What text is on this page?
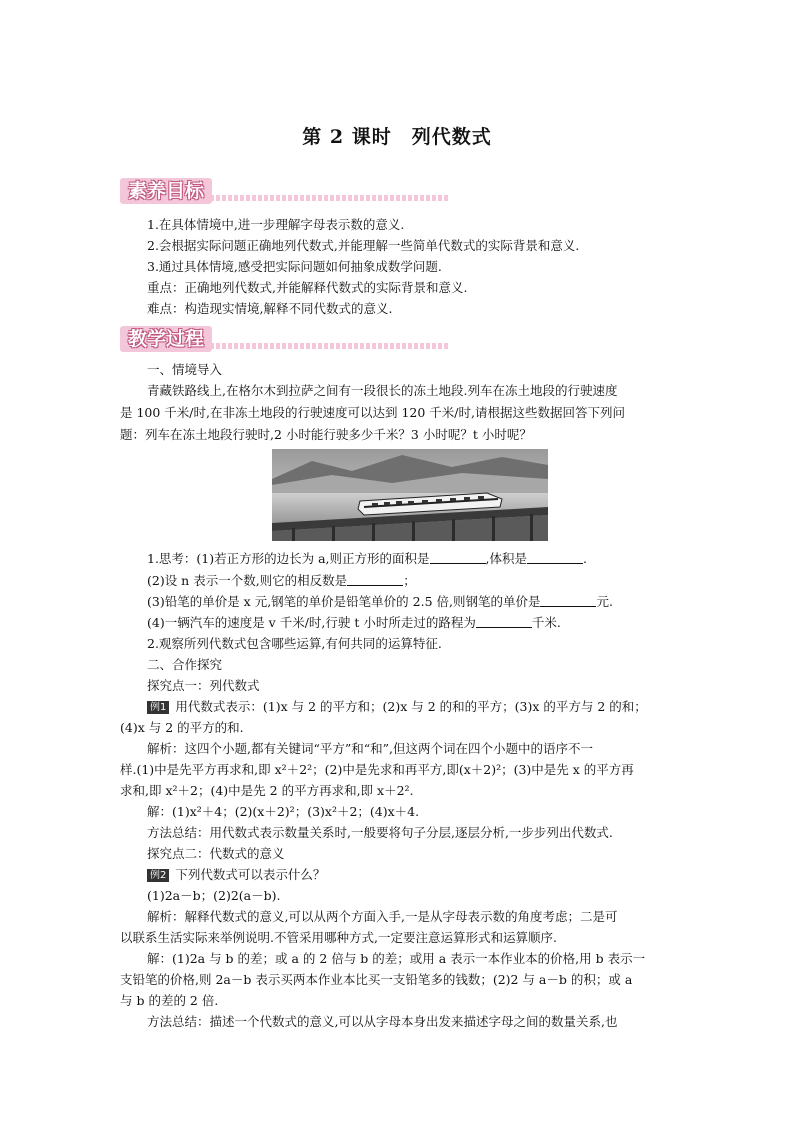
第 2 课时　列代数式
素养目标
1.在具体情境中,进一步理解字母表示数的意义.
2.会根据实际问题正确地列代数式,并能理解一些简单代数式的实际背景和意义.
3.通过具体情境,感受把实际问题如何抽象成数学问题.
重点：正确地列代数式,并能解释代数式的实际背景和意义.
难点：构造现实情境,解释不同代数式的意义.
教学过程
一、情境导入
青藏铁路线上,在格尔木到拉萨之间有一段很长的冻土地段.列车在冻土地段的行驶速度
是 100 千米/时,在非冻土地段的行驶速度可以达到 120 千米/时,请根据这些数据回答下列问
题：列车在冻土地段行驶时,2 小时能行驶多少千米？3 小时呢？t 小时呢？
1.思考：(1)若正方形的边长为 a,则正方形的面积是	,体积是	.
(2)设 n 表示一个数,则它的相反数是	；
(3)铅笔的单价是 x 元,钢笔的单价是铅笔单价的 2.5 倍,则钢笔的单价是	元.
(4)一辆汽车的速度是 v 千米/时,行驶 t 小时所走过的路程为	千米.
2.观察所列代数式包含哪些运算,有何共同的运算特征.
二、合作探究
探究点一：列代数式
例1 用代数式表示：(1)x 与 2 的平方和；(2)x 与 2 的和的平方；(3)x 的平方与 2 的和；
(4)x 与 2 的平方的和.
解析：这四个小题,都有关键词“平方”和“和”,但这两个词在四个小题中的语序不一
样.(1)中是先平方再求和,即 x²＋2²；(2)中是先求和再平方,即(x＋2)²；(3)中是先 x 的平方再
求和,即 x²＋2；(4)中是先 2 的平方再求和,即 x＋2².
解：(1)x²＋4；(2)(x＋2)²；(3)x²＋2；(4)x＋4.
方法总结：用代数式表示数量关系时,一般要将句子分层,逐层分析,一步步列出代数式.
探究点二：代数式的意义
例2 下列代数式可以表示什么？
(1)2a－b；(2)2(a－b).
解析：解释代数式的意义,可以从两个方面入手,一是从字母表示数的角度考虑；二是可
以联系生活实际来举例说明.不管采用哪种方式,一定要注意运算形式和运算顺序.
解：(1)2a 与 b 的差；或 a 的 2 倍与 b 的差；或用 a 表示一本作业本的价格,用 b 表示一
支铅笔的价格,则 2a－b 表示买两本作业本比买一支铅笔多的钱数；(2)2 与 a－b 的积；或 a
与 b 的差的 2 倍.
方法总结：描述一个代数式的意义,可以从字母本身出发来描述字母之间的数量关系,也
